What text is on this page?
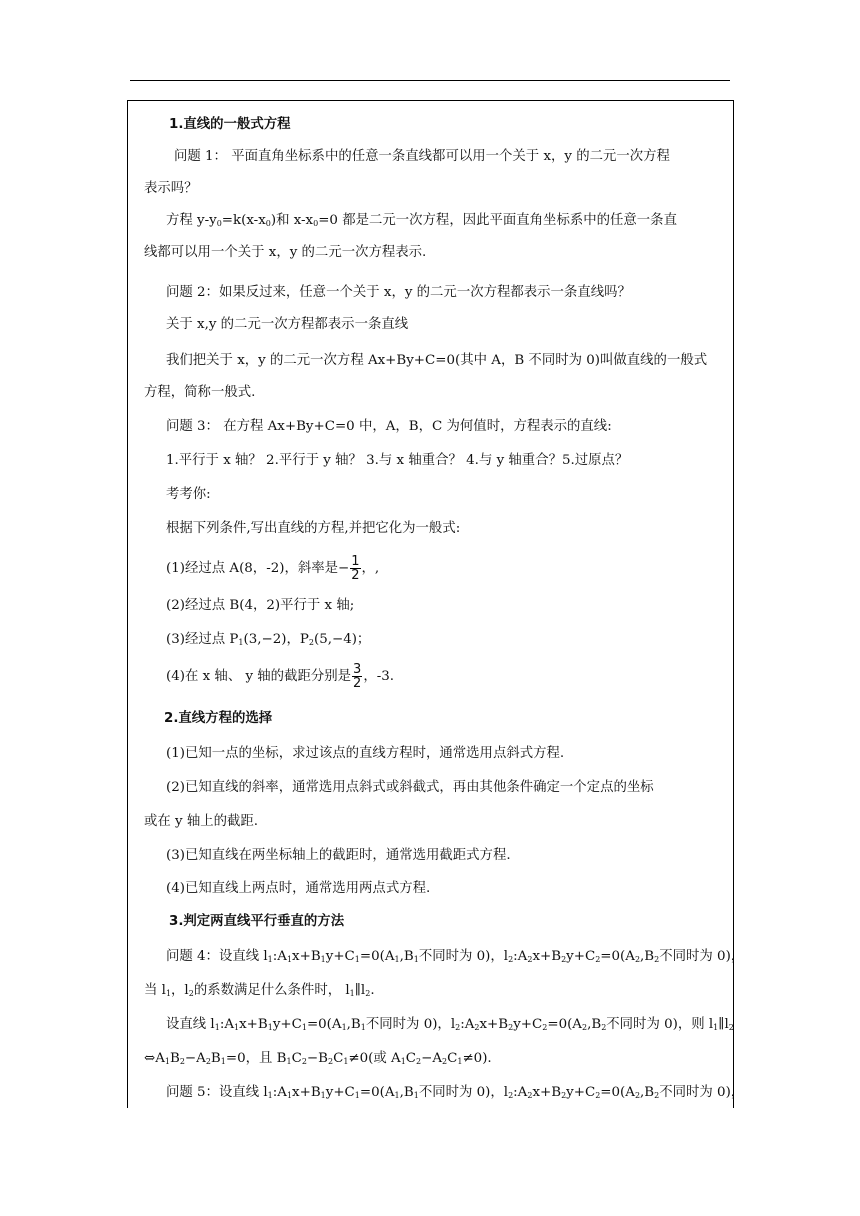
1.直线的一般式方程
问题 1： 平面直角坐标系中的任意一条直线都可以用一个关于 x，y 的二元一次方程
表示吗？
方程 $y-y_0=k(x-x_0)$和 $x-x_0=0$ 都是二元一次方程，因此平面直角坐标系中的任意一条直
线都可以用一个关于 x，y 的二元一次方程表示.
问题 2：如果反过来，任意一个关于 x，y 的二元一次方程都表示一条直线吗？
关于 x,y 的二元一次方程都表示一条直线
我们把关于 x，y 的二元一次方程 Ax+By+C=0(其中 A，B 不同时为 0)叫做直线的一般式
方程，简称一般式.
问题 3： 在方程 Ax+By+C=0 中，A，B，C 为何值时，方程表示的直线:
1.平行于 x 轴？ 2.平行于 y 轴？ 3.与 x 轴重合？ 4.与 y 轴重合？5.过原点？
考考你:
根据下列条件,写出直线的方程,并把它化为一般式:
(1)经过点 A(8，-2)，斜率是− $\frac{1}{2}$ ，,
(2)经过点 B(4，2)平行于 x 轴;
(3)经过点 $P_1(3,-2)$，$P_2(5,-4)$；
(4)在 x 轴、 y 轴的截距分别是 $\frac{3}{2}$ ，-3.
2.直线方程的选择
(1)已知一点的坐标，求过该点的直线方程时，通常选用点斜式方程.
(2)已知直线的斜率，通常选用点斜式或斜截式，再由其他条件确定一个定点的坐标
或在 y 轴上的截距.
(3)已知直线在两坐标轴上的截距时，通常选用截距式方程.
(4)已知直线上两点时，通常选用两点式方程.
3.判定两直线平行垂直的方法
问题 4：设直线 $l_1:A_1x+B_1y+C_1=0(A_1,B_1$不同时为 0)，$l_2:A_2x+B_2y+C_2=0(A_2,B_2$不同时为 0)，
当 $l_1$，$l_2$的系数满足什么条件时， $l_1\parallel l_2$.
设直线 $l_1:A_1x+B_1y+C_1=0(A_1,B_1$不同时为 0)，$l_2:A_2x+B_2y+C_2=0(A_2,B_2$不同时为 0)，则 $l_1\parallel l_2$
$\Leftrightarrow A_1B_2-A_2B_1=0$，且 $B_1C_2-B_2C_1\ne 0$(或 $A_1C_2-A_2C_1\ne 0$).
问题 5：设直线 $l_1:A_1x+B_1y+C_1=0(A_1,B_1$不同时为 0)，$l_2:A_2x+B_2y+C_2=0(A_2,B_2$不同时为 0)，
